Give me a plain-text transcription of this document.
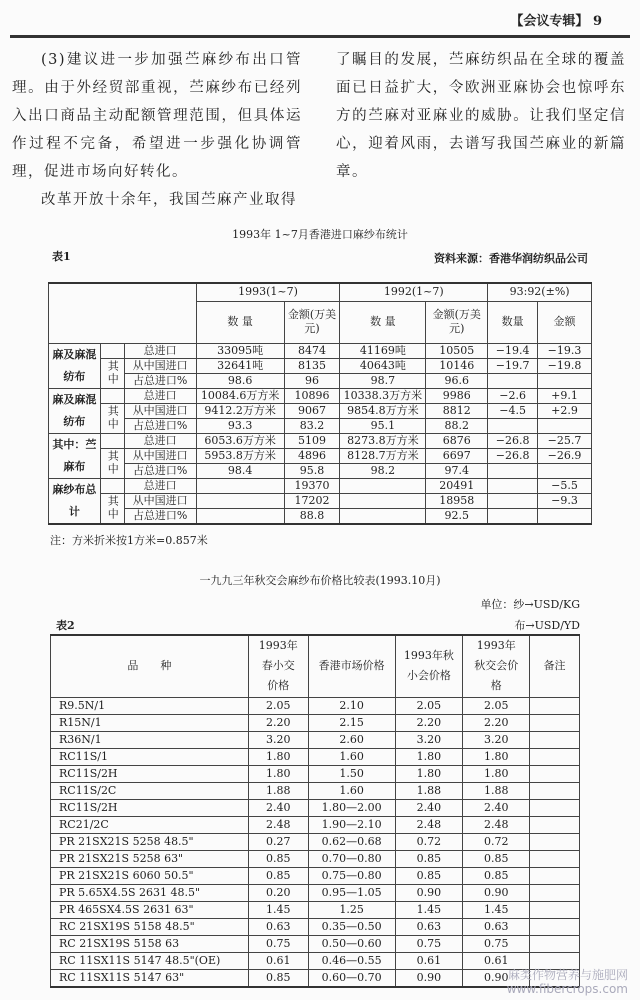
【会议专辑】 9

(3)建议进一步加强苎麻纱布出口管理。由于外经贸部重视，苎麻纱布已经列入出口商品主动配额管理范围，但具体运作过程不完备，希望进一步强化协调管理，促进市场向好转化。

改革开放十余年，我国苎麻产业取得

了瞩目的发展，苎麻纺织品在全球的覆盖面已日益扩大，令欧洲亚麻协会也惊呼东方的苎麻对亚麻业的威胁。让我们坚定信心，迎着风雨，去谱写我国苎麻业的新篇章。

1993年 1~7月香港进口麻纱布统计
表1	资料来源：香港华润纺织品公司
			1993(1~7)		1992(1~7)		93:92(±%)	
			数 量	金额(万美元)	数 量	金额(万美元)	数量	金额
麻及麻混纺布		总进口	33095吨	8474	41169吨	10505	−19.4	−19.3
	其中	从中国进口	32641吨	8135	40643吨	10146	−19.7	−19.8
		占总进口%	98.6	96	98.7	96.6		
麻及麻混纺布		总进口	10084.6万方米	10896	10338.3万方米	9986	−2.6	+9.1
	其中	从中国进口	9412.2万方米	9067	9854.8万方米	8812	−4.5	+2.9
		占总进口%	93.3	83.2	95.1	88.2		
其中：苎麻布		总进口	6053.6万方米	5109	8273.8万方米	6876	−26.8	−25.7
	其中	从中国进口	5953.8万方米	4896	8128.7万方米	6697	−26.8	−26.9
		占总进口%	98.4	95.8	98.2	97.4		
麻纱布总 计		总进口		19370		20491		−5.5
	其中	从中国进口		17202		18958		−9.3
		占总进口%		88.8		92.5		
注：方米折米按1方米=0.857米
一九九三年秋交会麻纱布价格比较表(1993.10月)
单位：纱→USD/KG
布→USD/YD
表2
品　　种	1993年春小交价格	香港市场价格	1993年秋小会价格	1993年秋交会价格	备注
R9.5N/1	2.05	2.10	2.05	2.05	
R15N/1	2.20	2.15	2.20	2.20	
R36N/1	3.20	2.60	3.20	3.20	
RC11S/1	1.80	1.60	1.80	1.80	
RC11S/2H	1.80	1.50	1.80	1.80	
RC11S/2C	1.88	1.60	1.88	1.88	
RC11S/2H	2.40	1.80—2.00	2.40	2.40	
RC21/2C	2.48	1.90—2.10	2.48	2.48	
PR 21SX21S 5258 48.5"	0.27	0.62—0.68	0.72	0.72	
PR 21SX21S 5258 63"	0.85	0.70—0.80	0.85	0.85	
PR 21SX21S 6060 50.5"	0.85	0.75—0.80	0.85	0.85	
PR 5.65X4.5S 2631 48.5"	0.20	0.95—1.05	0.90	0.90	
PR 465SX4.5S 2631 63"	1.45	1.25	1.45	1.45	
RC 21SX19S 5158 48.5"	0.63	0.35—0.50	0.63	0.63	
RC 21SX19S 5158 63	0.75	0.50—0.60	0.75	0.75	
RC 11SX11S 5147 48.5"(OE)	0.61	0.46—0.55	0.61	0.61	
RC 11SX11S 5147 63"	0.85	0.60—0.70	0.90	0.90	麻类作物营养与施肥网
www.fibercrops.com
